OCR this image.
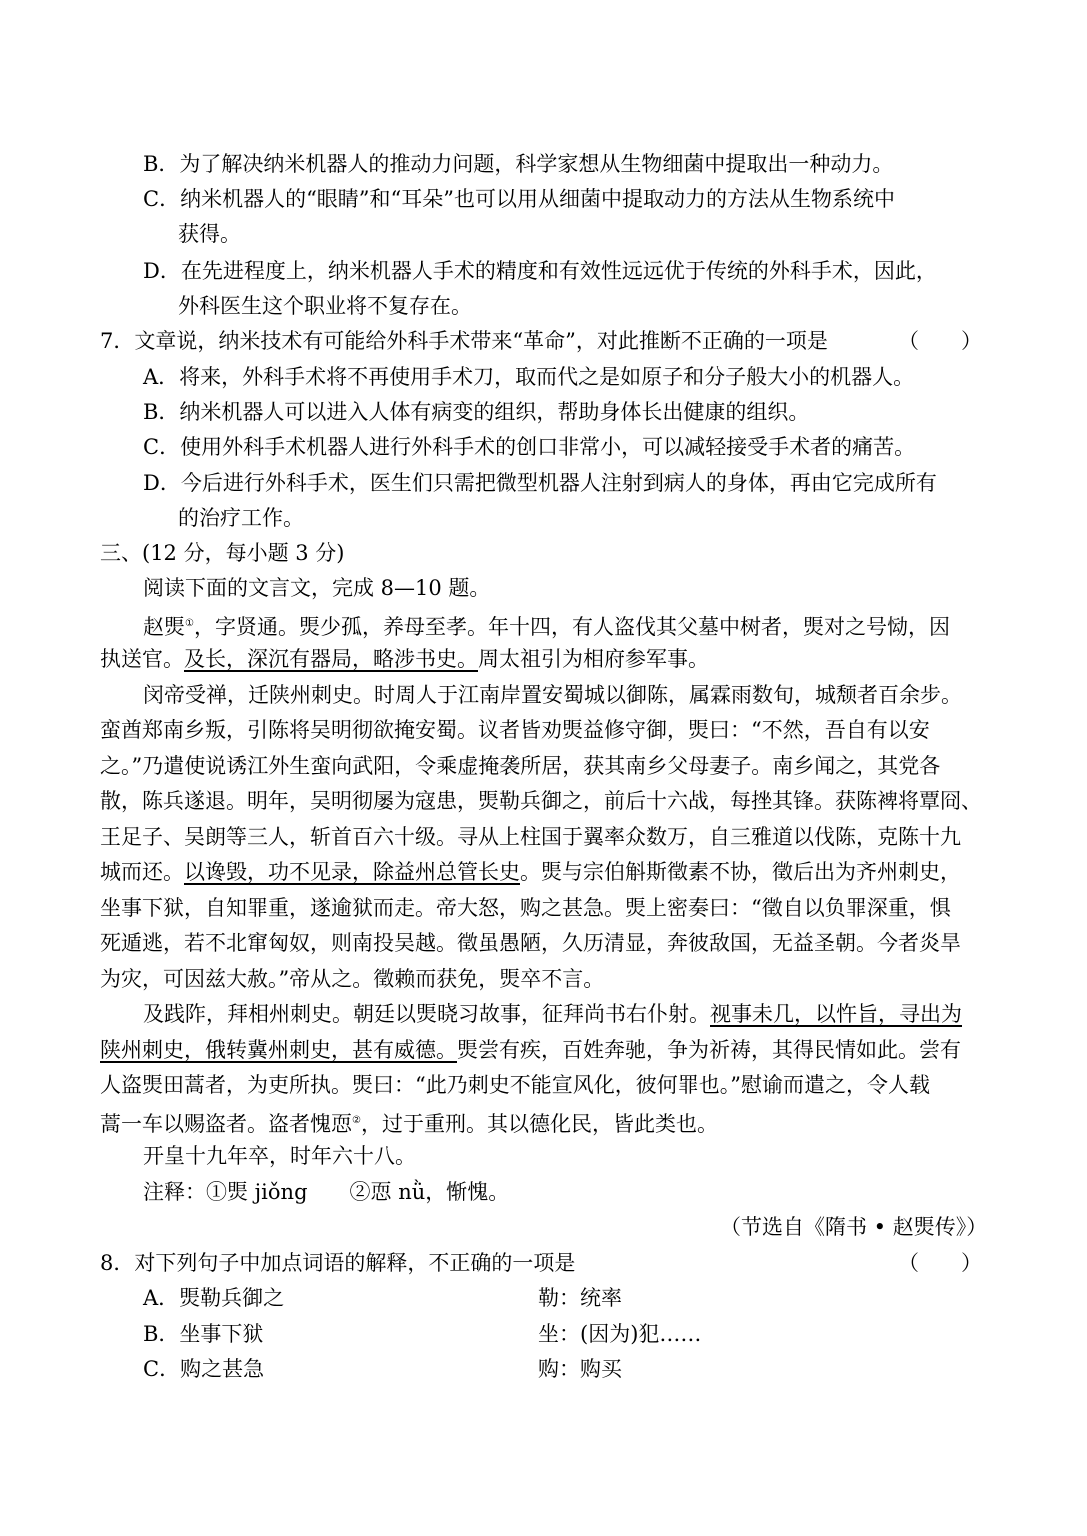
B．为了解决纳米机器人的推动力问题，科学家想从生物细菌中提取出一种动力。
C．纳米机器人的“眼睛”和“耳朵”也可以用从细菌中提取动力的方法从生物系统中
获得。
D．在先进程度上，纳米机器人手术的精度和有效性远远优于传统的外科手术，因此，
外科医生这个职业将不复存在。
7．文章说，纳米技术有可能给外科手术带来“革命”，对此推断不正确的一项是	（　　）
A．将来，外科手术将不再使用手术刀，取而代之是如原子和分子般大小的机器人。
B．纳米机器人可以进入人体有病变的组织，帮助身体长出健康的组织。
C．使用外科手术机器人进行外科手术的创口非常小，可以减轻接受手术者的痛苦。
D．今后进行外科手术，医生们只需把微型机器人注射到病人的身体，再由它完成所有
的治疗工作。
三、(12 分，每小题 3 分)
阅读下面的文言文，完成 8—10 题。
赵煚①，字贤通。煚少孤，养母至孝。年十四，有人盗伐其父墓中树者，煚对之号恸，因
执送官。及长，深沉有器局，略涉书史。周太祖引为相府参军事。
闵帝受禅，迁陕州刺史。时周人于江南岸置安蜀城以御陈，属霖雨数旬，城颓者百余步。
蛮酋郑南乡叛，引陈将吴明彻欲掩安蜀。议者皆劝煚益修守御，煚曰：“不然，吾自有以安
之。”乃遣使说诱江外生蛮向武阳，令乘虚掩袭所居，获其南乡父母妻子。南乡闻之，其党各
散，陈兵遂退。明年，吴明彻屡为寇患，煚勒兵御之，前后十六战，每挫其锋。获陈裨将覃冏、
王足子、吴朗等三人，斩首百六十级。寻从上柱国于翼率众数万，自三雅道以伐陈，克陈十九
城而还。以谗毁，功不见录，除益州总管长史。煚与宗伯斛斯徵素不协，徵后出为齐州刺史，
坐事下狱，自知罪重，遂逾狱而走。帝大怒，购之甚急。煚上密奏曰：“徵自以负罪深重，惧
死遁逃，若不北窜匈奴，则南投吴越。徵虽愚陋，久历清显，奔彼敌国，无益圣朝。今者炎旱
为灾，可因兹大赦。”帝从之。徵赖而获免，煚卒不言。
及践阼，拜相州刺史。朝廷以煚晓习故事，征拜尚书右仆射。视事未几，以忤旨，寻出为
陕州刺史，俄转冀州刺史，甚有威德。煚尝有疾，百姓奔驰，争为祈祷，其得民情如此。尝有
人盗煚田蒿者，为吏所执。煚曰：“此乃刺史不能宣风化，彼何罪也。”慰谕而遣之，令人载
蒿一车以赐盗者。盗者愧恧②，过于重刑。其以德化民，皆此类也。
开皇十九年卒，时年六十八。
注释：①煚 jiǒng　　②恧 nǜ，惭愧。
（节选自《隋书 • 赵煚传》）
8．对下列句子中加点词语的解释，不正确的一项是	（　　）
A．煚勒兵御之	勒：统率
B．坐事下狱	坐：(因为)犯……
C．购之甚急	购：购买
